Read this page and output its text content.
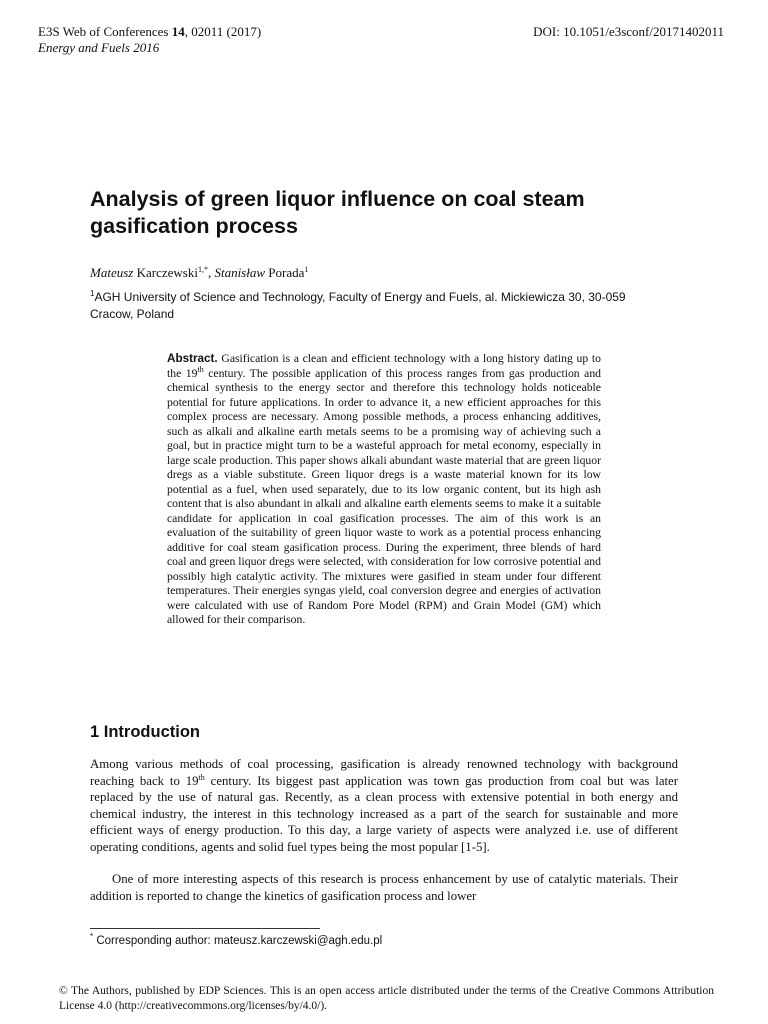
E3S Web of Conferences 14, 02011 (2017)	DOI: 10.1051/e3sconf/20171402011
Energy and Fuels 2016
Analysis of green liquor influence on coal steam gasification process
Mateusz Karczewski$^{1,*}$, Stanisław Porada$^1$
$^1$AGH University of Science and Technology, Faculty of Energy and Fuels, al. Mickiewicza 30, 30-059 Cracow, Poland
Abstract. Gasification is a clean and efficient technology with a long history dating up to the 19th century. The possible application of this process ranges from gas production and chemical synthesis to the energy sector and therefore this technology holds noticeable potential for future applications. In order to advance it, a new efficient approaches for this complex process are necessary. Among possible methods, a process enhancing additives, such as alkali and alkaline earth metals seems to be a promising way of achieving such a goal, but in practice might turn to be a wasteful approach for metal economy, especially in large scale production. This paper shows alkali abundant waste material that are green liquor dregs as a viable substitute. Green liquor dregs is a waste material known for its low potential as a fuel, when used separately, due to its low organic content, but its high ash content that is also abundant in alkali and alkaline earth elements seems to make it a suitable candidate for application in coal gasification processes. The aim of this work is an evaluation of the suitability of green liquor waste to work as a potential process enhancing additive for coal steam gasification process. During the experiment, three blends of hard coal and green liquor dregs were selected, with consideration for low corrosive potential and possibly high catalytic activity. The mixtures were gasified in steam under four different temperatures. Their energies syngas yield, coal conversion degree and energies of activation were calculated with use of Random Pore Model (RPM) and Grain Model (GM) which allowed for their comparison.
1 Introduction

Among various methods of coal processing, gasification is already renowned technology with background reaching back to 19th century. Its biggest past application was town gas production from coal but was later replaced by the use of natural gas. Recently, as a clean process with extensive potential in both energy and chemical industry, the interest in this technology increased as a part of the search for sustainable and more efficient ways of energy production. To this day, a large variety of aspects were analyzed i.e. use of different operating conditions, agents and solid fuel types being the most popular [1-5].

One of more interesting aspects of this research is process enhancement by use of catalytic materials. Their addition is reported to change the kinetics of gasification process and lower

* Corresponding author: mateusz.karczewski@agh.edu.pl
© The Authors, published by EDP Sciences. This is an open access article distributed under the terms of the Creative Commons Attribution License 4.0 (http://creativecommons.org/licenses/by/4.0/).
